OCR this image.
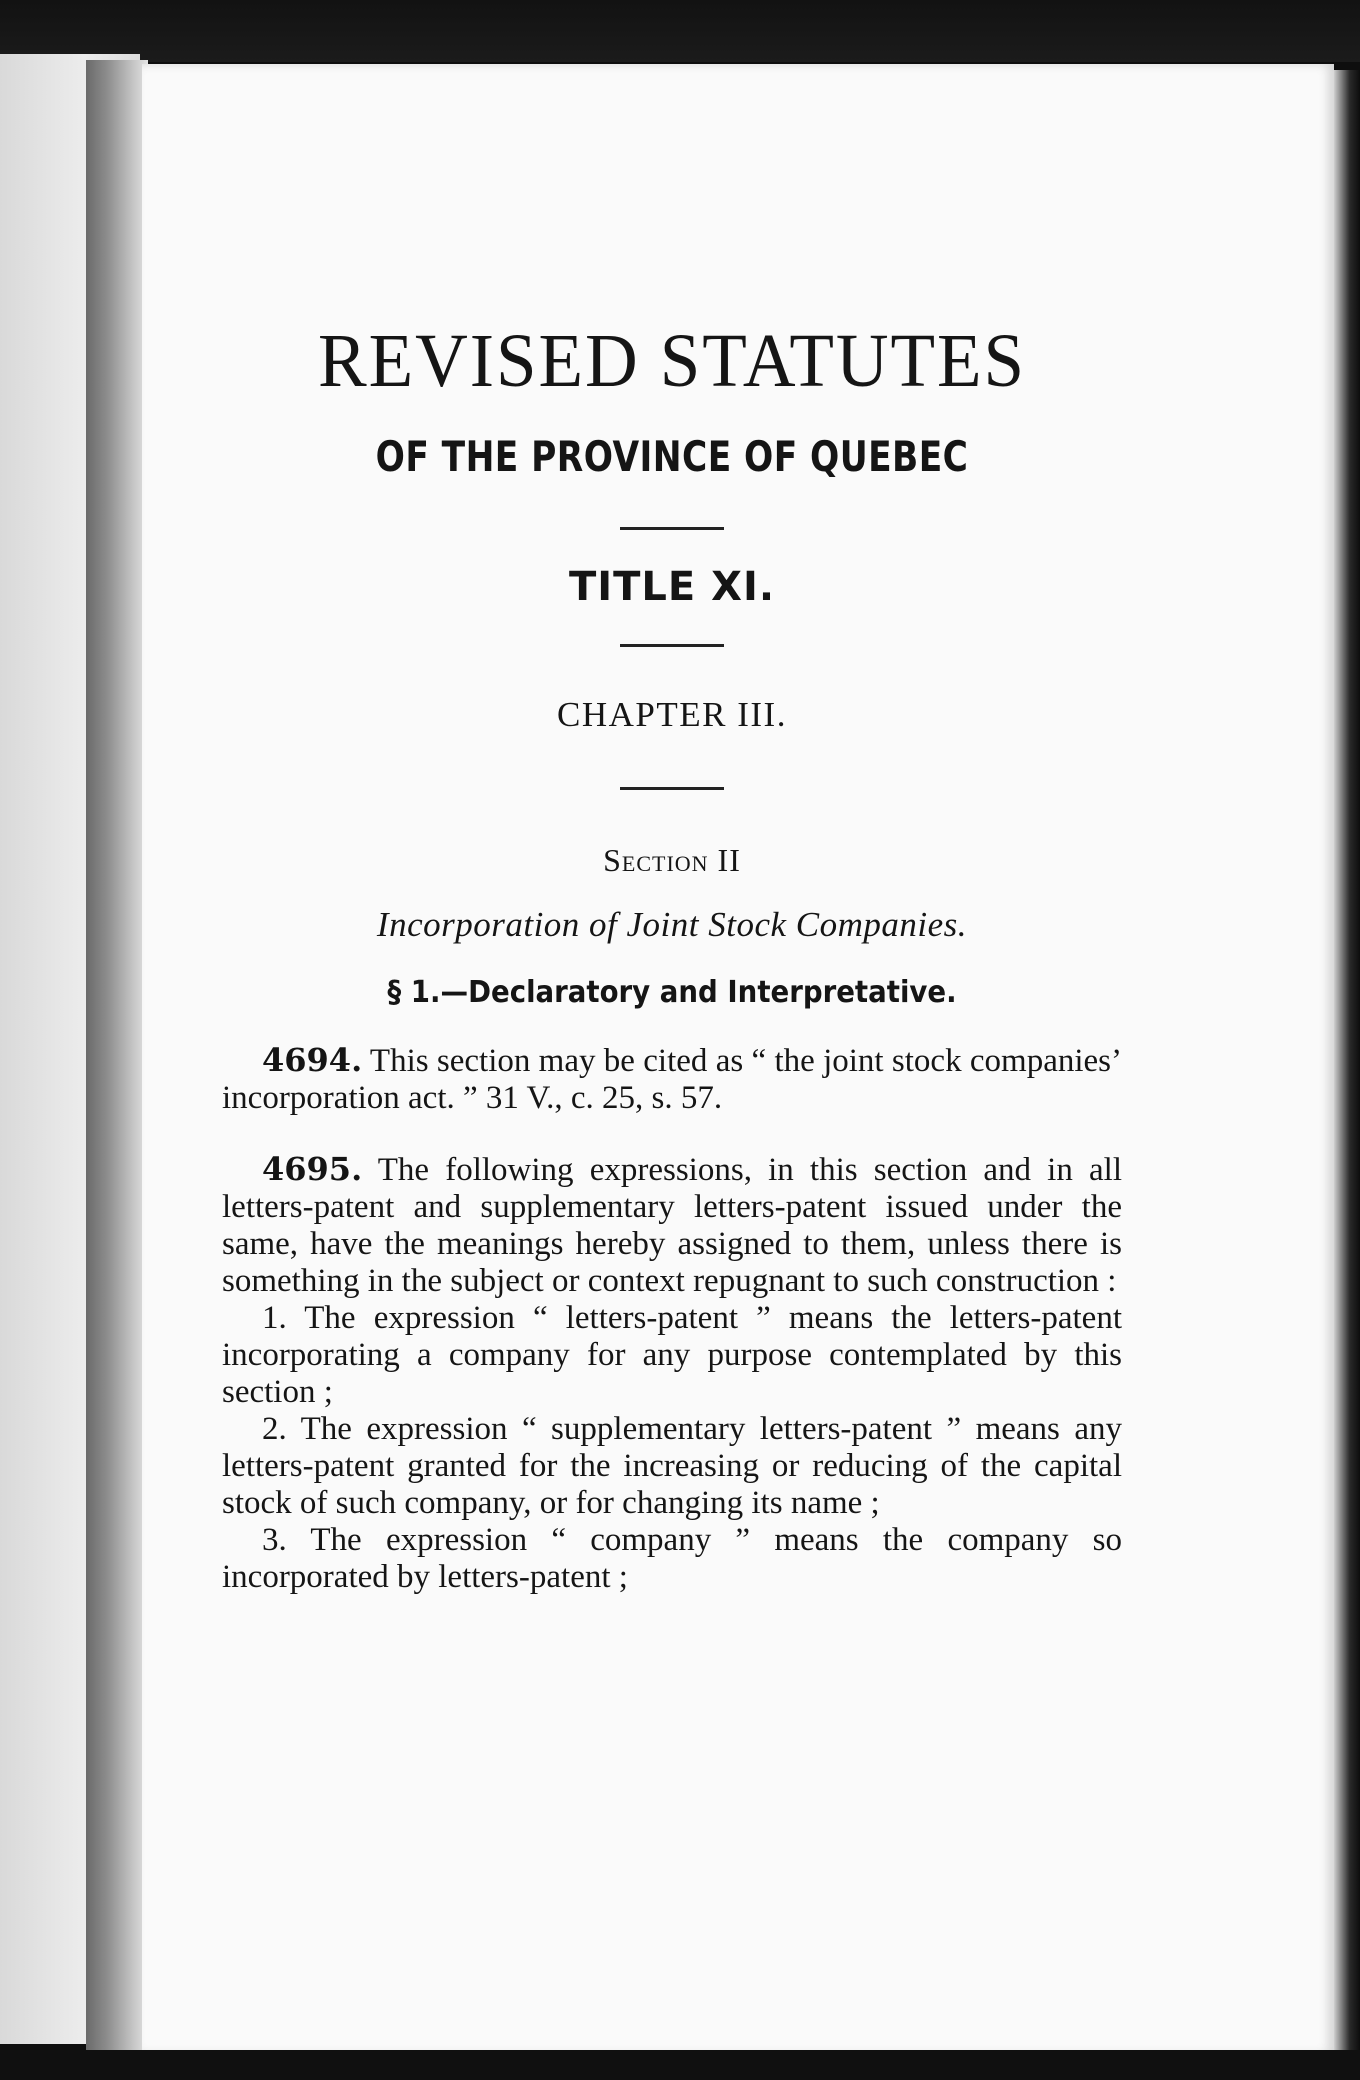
REVISED STATUTES
OF THE PROVINCE OF QUEBEC
TITLE XI.
CHAPTER III.
Section II
Incorporation of Joint Stock Companies.
§ 1.—Declaratory and Interpretative.

4694. This section may be cited as “ the joint stock companies’ incorporation act. ” 31 V., c. 25, s. 57.

4695. The following expressions, in this section and in all letters-patent and supplementary letters-patent issued under the same, have the meanings hereby assigned to them, unless there is something in the subject or context repugnant to such construction :

1. The expression “ letters-patent ” means the letters-patent incorporating a company for any purpose contemplated by this section ;

2. The expression “ supplementary letters-patent ” means any letters-patent granted for the increasing or reducing of the capital stock of such company, or for changing its name ;

3. The expression “ company ” means the company so incorporated by letters-patent ;
